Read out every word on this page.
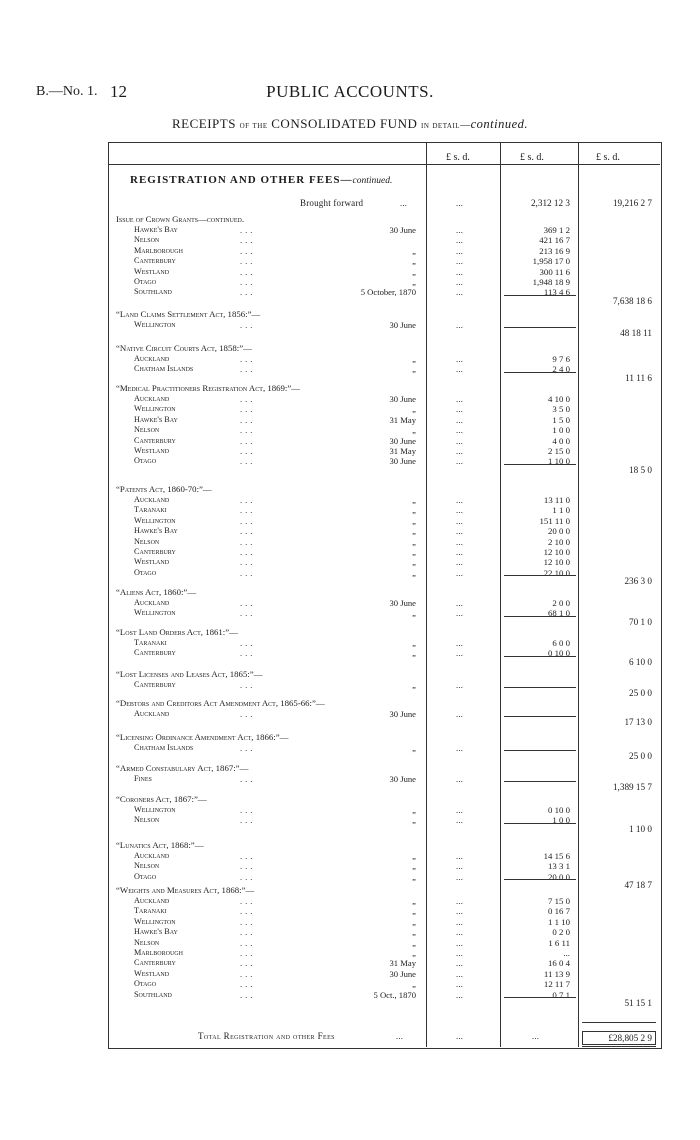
B.—No. 1. 12	PUBLIC ACCOUNTS.
RECEIPTS of the CONSOLIDATED FUND in detail—continued.
£ s. d.	£ s. d.	£ s. d.
REGISTRATION AND OTHER FEES—continued.
Brought forward	...	...	2,312 12 3	19,216 2 7
Issue of Crown Grants—continued.
Hawke's Bay	...	30 June	...	369 1 2
Nelson	...	...	421 16 7
Marlborough	...	„	...	213 16 9
Canterbury	...	„	...	1,958 17 0
Westland	...	„	...	300 11 6
Otago	...	„	...	1,948 18 9
Southland	...	5 October, 1870	...	113 4 6
7,638 18 6
“Land Claims Settlement Act, 1856:”—
Wellington	...	30 June	...	...
48 18 11
“Native Circuit Courts Act, 1858:”—
Auckland	...	„	...	9 7 6
Chatham Islands	...	„	...	2 4 0
11 11 6
“Medical Practitioners Registration Act, 1869:”—
Auckland	...	30 June	...	4 10 0
Wellington	...	„	...	3 5 0
Hawke's Bay	...	31 May	...	1 5 0
Nelson	...	„	...	1 0 0
Canterbury	...	30 June	...	4 0 0
Westland	...	31 May	...	2 15 0
Otago	...	30 June	...	1 10 0
18 5 0
“Patents Act, 1860-70:”—
Auckland	...	„	...	13 11 0
Taranaki	...	„	...	1 1 0
Wellington	...	„	...	151 11 0
Hawke's Bay	...	„	...	20 0 0
Nelson	...	„	...	2 10 0
Canterbury	...	„	...	12 10 0
Westland	...	„	...	12 10 0
Otago	...	„	...	22 10 0
236 3 0
“Aliens Act, 1860:”—
Auckland	...	30 June	...	2 0 0
Wellington	...	„	...	68 1 0
70 1 0
“Lost Land Orders Act, 1861:”—
Taranaki	...	„	...	6 0 0
Canterbury	...	„	...	0 10 0
6 10 0
“Lost Licenses and Leases Act, 1865:”—
Canterbury	...	„	...	...
25 0 0
“Debtors and Creditors Act Amendment Act, 1865-66:”—
Auckland	...	30 June	...	...
17 13 0
“Licensing Ordinance Amendment Act, 1866:”—
Chatham Islands	...	„	...	...
25 0 0
“Armed Constabulary Act, 1867:”—
Fines	...	30 June	...	...
1,389 15 7
“Coroners Act, 1867:”—
Wellington	...	„	...	0 10 0
Nelson	...	„	...	1 0 0
1 10 0
“Lunatics Act, 1868:”—
Auckland	...	„	...	14 15 6
Nelson	...	„	...	13 3 1
Otago	...	„	...	20 0 0
47 18 7
“Weights and Measures Act, 1868:”—
Auckland	...	„	...	7 15 0
Taranaki	...	„	...	0 16 7
Wellington	...	„	...	1 1 10
Hawke's Bay	...	„	...	0 2 0
Nelson	...	„	...	1 6 11
Marlborough	...	„	...	...
Canterbury	...	31 May	...	16 0 4
Westland	...	30 June	...	11 13 9
Otago	...	„	...	12 11 7
Southland	...	5 Oct., 1870	...	0 7 1
51 15 1
Total Registration and other Fees	...	...	...	£28,805 2 9
